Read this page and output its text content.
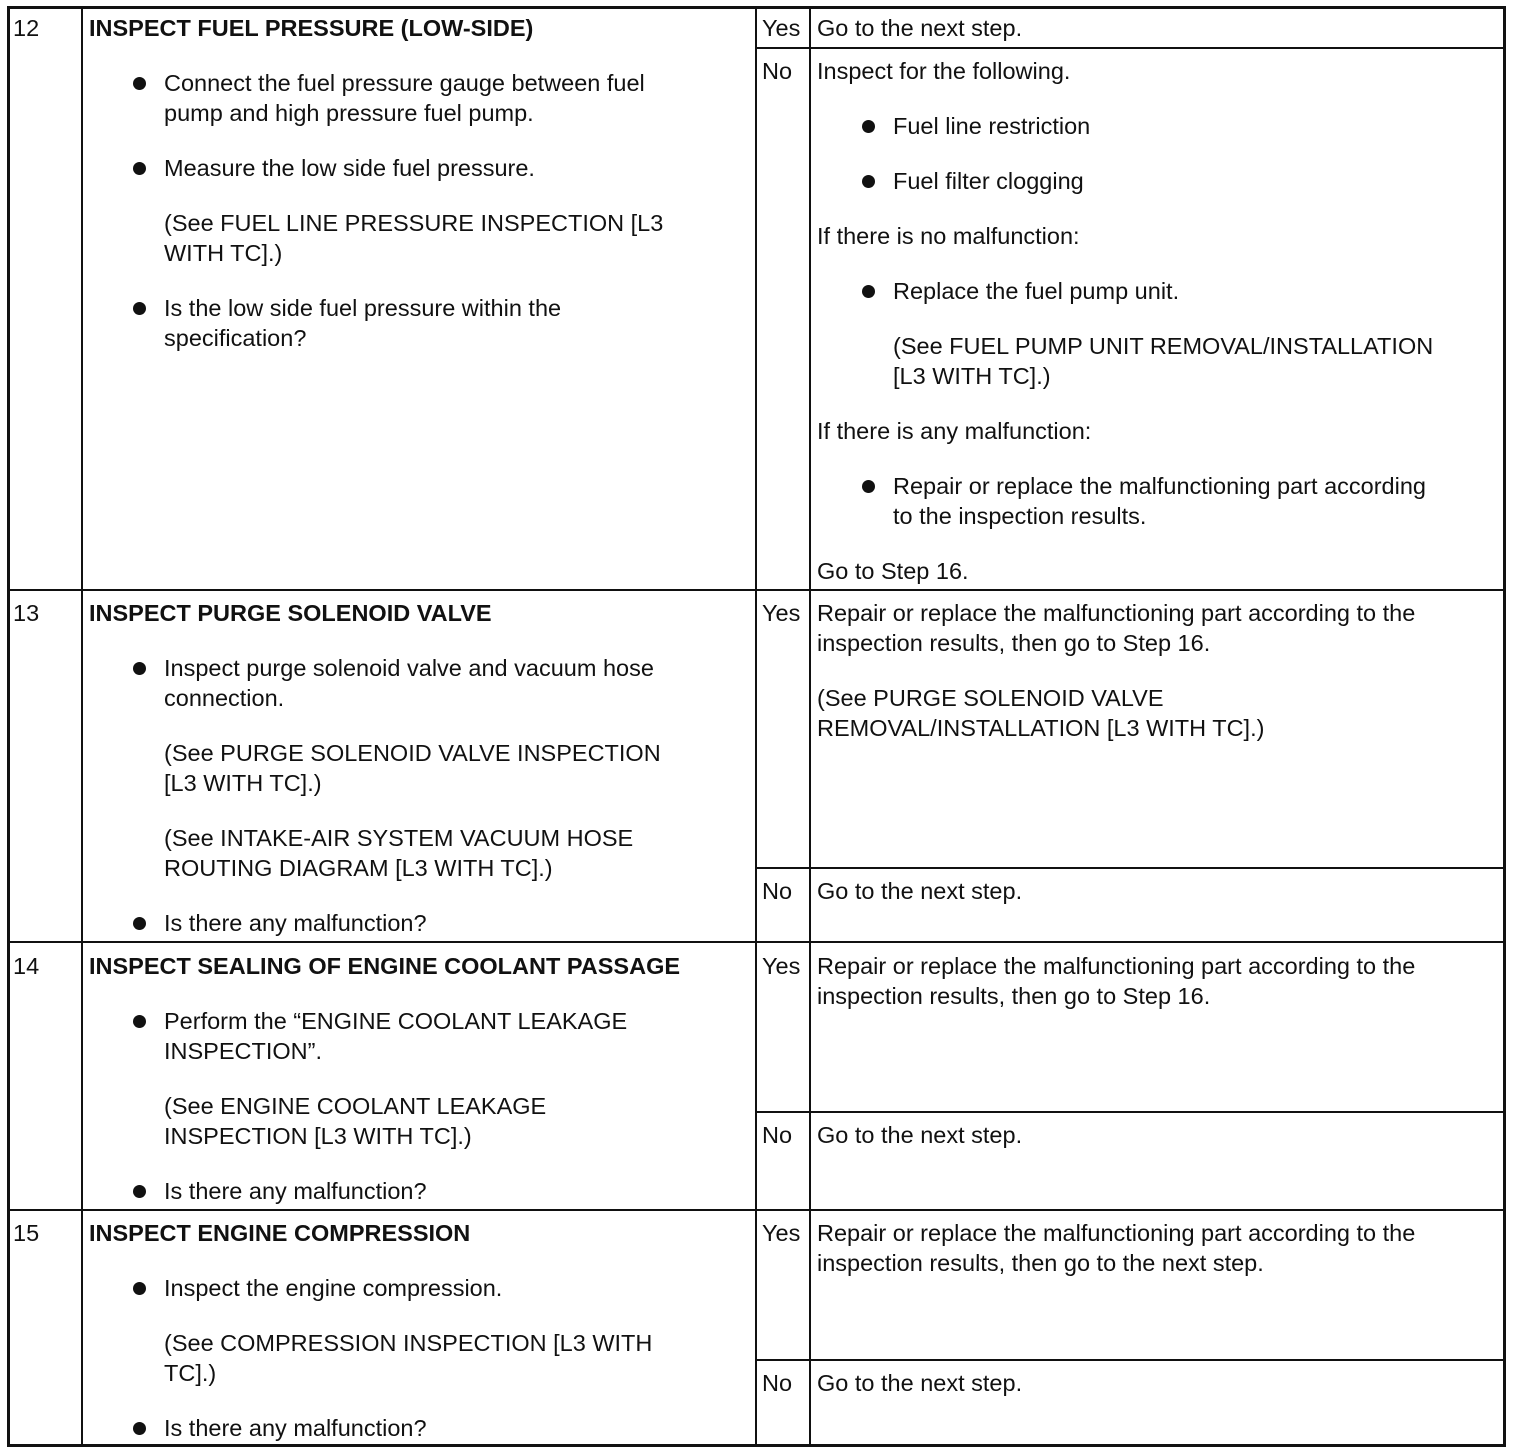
12 INSPECT FUEL PRESSURE (LOW-SIDE)
Connect the fuel pressure gauge between fuel
pump and high pressure fuel pump.
Measure the low side fuel pressure.
(See FUEL LINE PRESSURE INSPECTION [L3
WITH TC].)
Is the low side fuel pressure within the
specification?
Yes Go to the next step.
No Inspect for the following.
Fuel line restriction
Fuel filter clogging
If there is no malfunction:
Replace the fuel pump unit.
(See FUEL PUMP UNIT REMOVAL/INSTALLATION
[L3 WITH TC].)
If there is any malfunction:
Repair or replace the malfunctioning part according
to the inspection results.
Go to Step 16.
13 INSPECT PURGE SOLENOID VALVE
Inspect purge solenoid valve and vacuum hose
connection.
(See PURGE SOLENOID VALVE INSPECTION
[L3 WITH TC].)
(See INTAKE-AIR SYSTEM VACUUM HOSE
ROUTING DIAGRAM [L3 WITH TC].)
Is there any malfunction?
Yes Repair or replace the malfunctioning part according to the
inspection results, then go to Step 16.
(See PURGE SOLENOID VALVE
REMOVAL/INSTALLATION [L3 WITH TC].)
No Go to the next step.
14 INSPECT SEALING OF ENGINE COOLANT PASSAGE
Perform the “ENGINE COOLANT LEAKAGE
INSPECTION”.
(See ENGINE COOLANT LEAKAGE
INSPECTION [L3 WITH TC].)
Is there any malfunction?
Yes Repair or replace the malfunctioning part according to the
inspection results, then go to Step 16.
No Go to the next step.
15 INSPECT ENGINE COMPRESSION
Inspect the engine compression.
(See COMPRESSION INSPECTION [L3 WITH
TC].)
Is there any malfunction?
Yes Repair or replace the malfunctioning part according to the
inspection results, then go to the next step.
No Go to the next step.
